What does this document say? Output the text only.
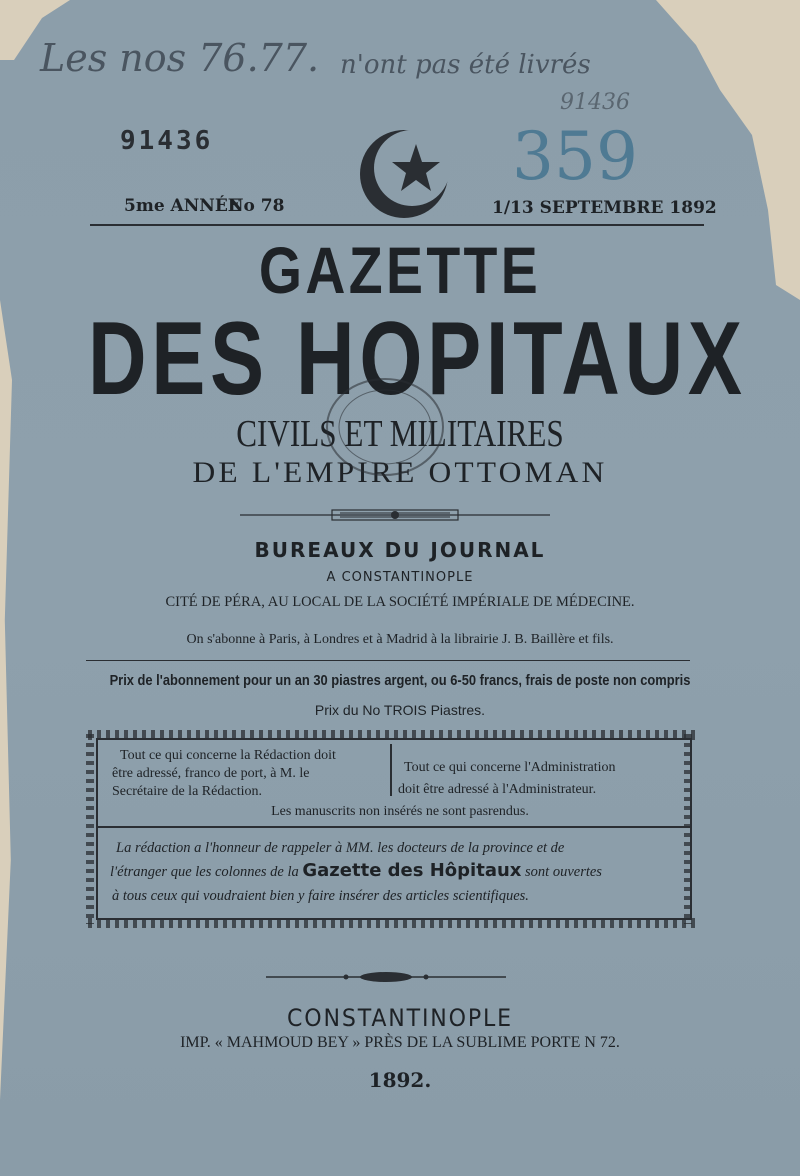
Les nos 76.77. n'ont pas été livrés
91436
91436	359
5me ANNÉE
No 78	1/13 SEPTEMBRE 1892
GAZETTE
DES HOPITAUX
CIVILS ET MILITAIRES
DE L'EMPIRE OTTOMAN
BUREAUX DU JOURNAL
A CONSTANTINOPLE
CITÉ DE PÉRA, AU LOCAL DE LA SOCIÉTÉ IMPÉRIALE DE MÉDECINE.
On s'abonne à Paris, à Londres et à Madrid à la librairie J. B. Baillère et fils.
Prix de l'abonnement pour un an 30 piastres argent, ou 6-50 francs, frais de poste non compris
Prix du No TROIS Piastres.
Tout ce qui concerne la Rédaction doit
être adressé, franco de port, à M. le
Secrétaire de la Rédaction.
Tout ce qui concerne l'Administration
doit être adressé à l'Administrateur.
Les manuscrits non insérés ne sont pasrendus.
La rédaction a l'honneur de rappeler à MM. les docteurs de la province et de
l'étranger que les colonnes de la Gazette des Hôpitaux sont ouvertes
à tous ceux qui voudraient bien y faire insérer des articles scientifiques.
CONSTANTINOPLE
IMP. « MAHMOUD BEY » PRÈS DE LA SUBLIME PORTE N 72.
1892.
